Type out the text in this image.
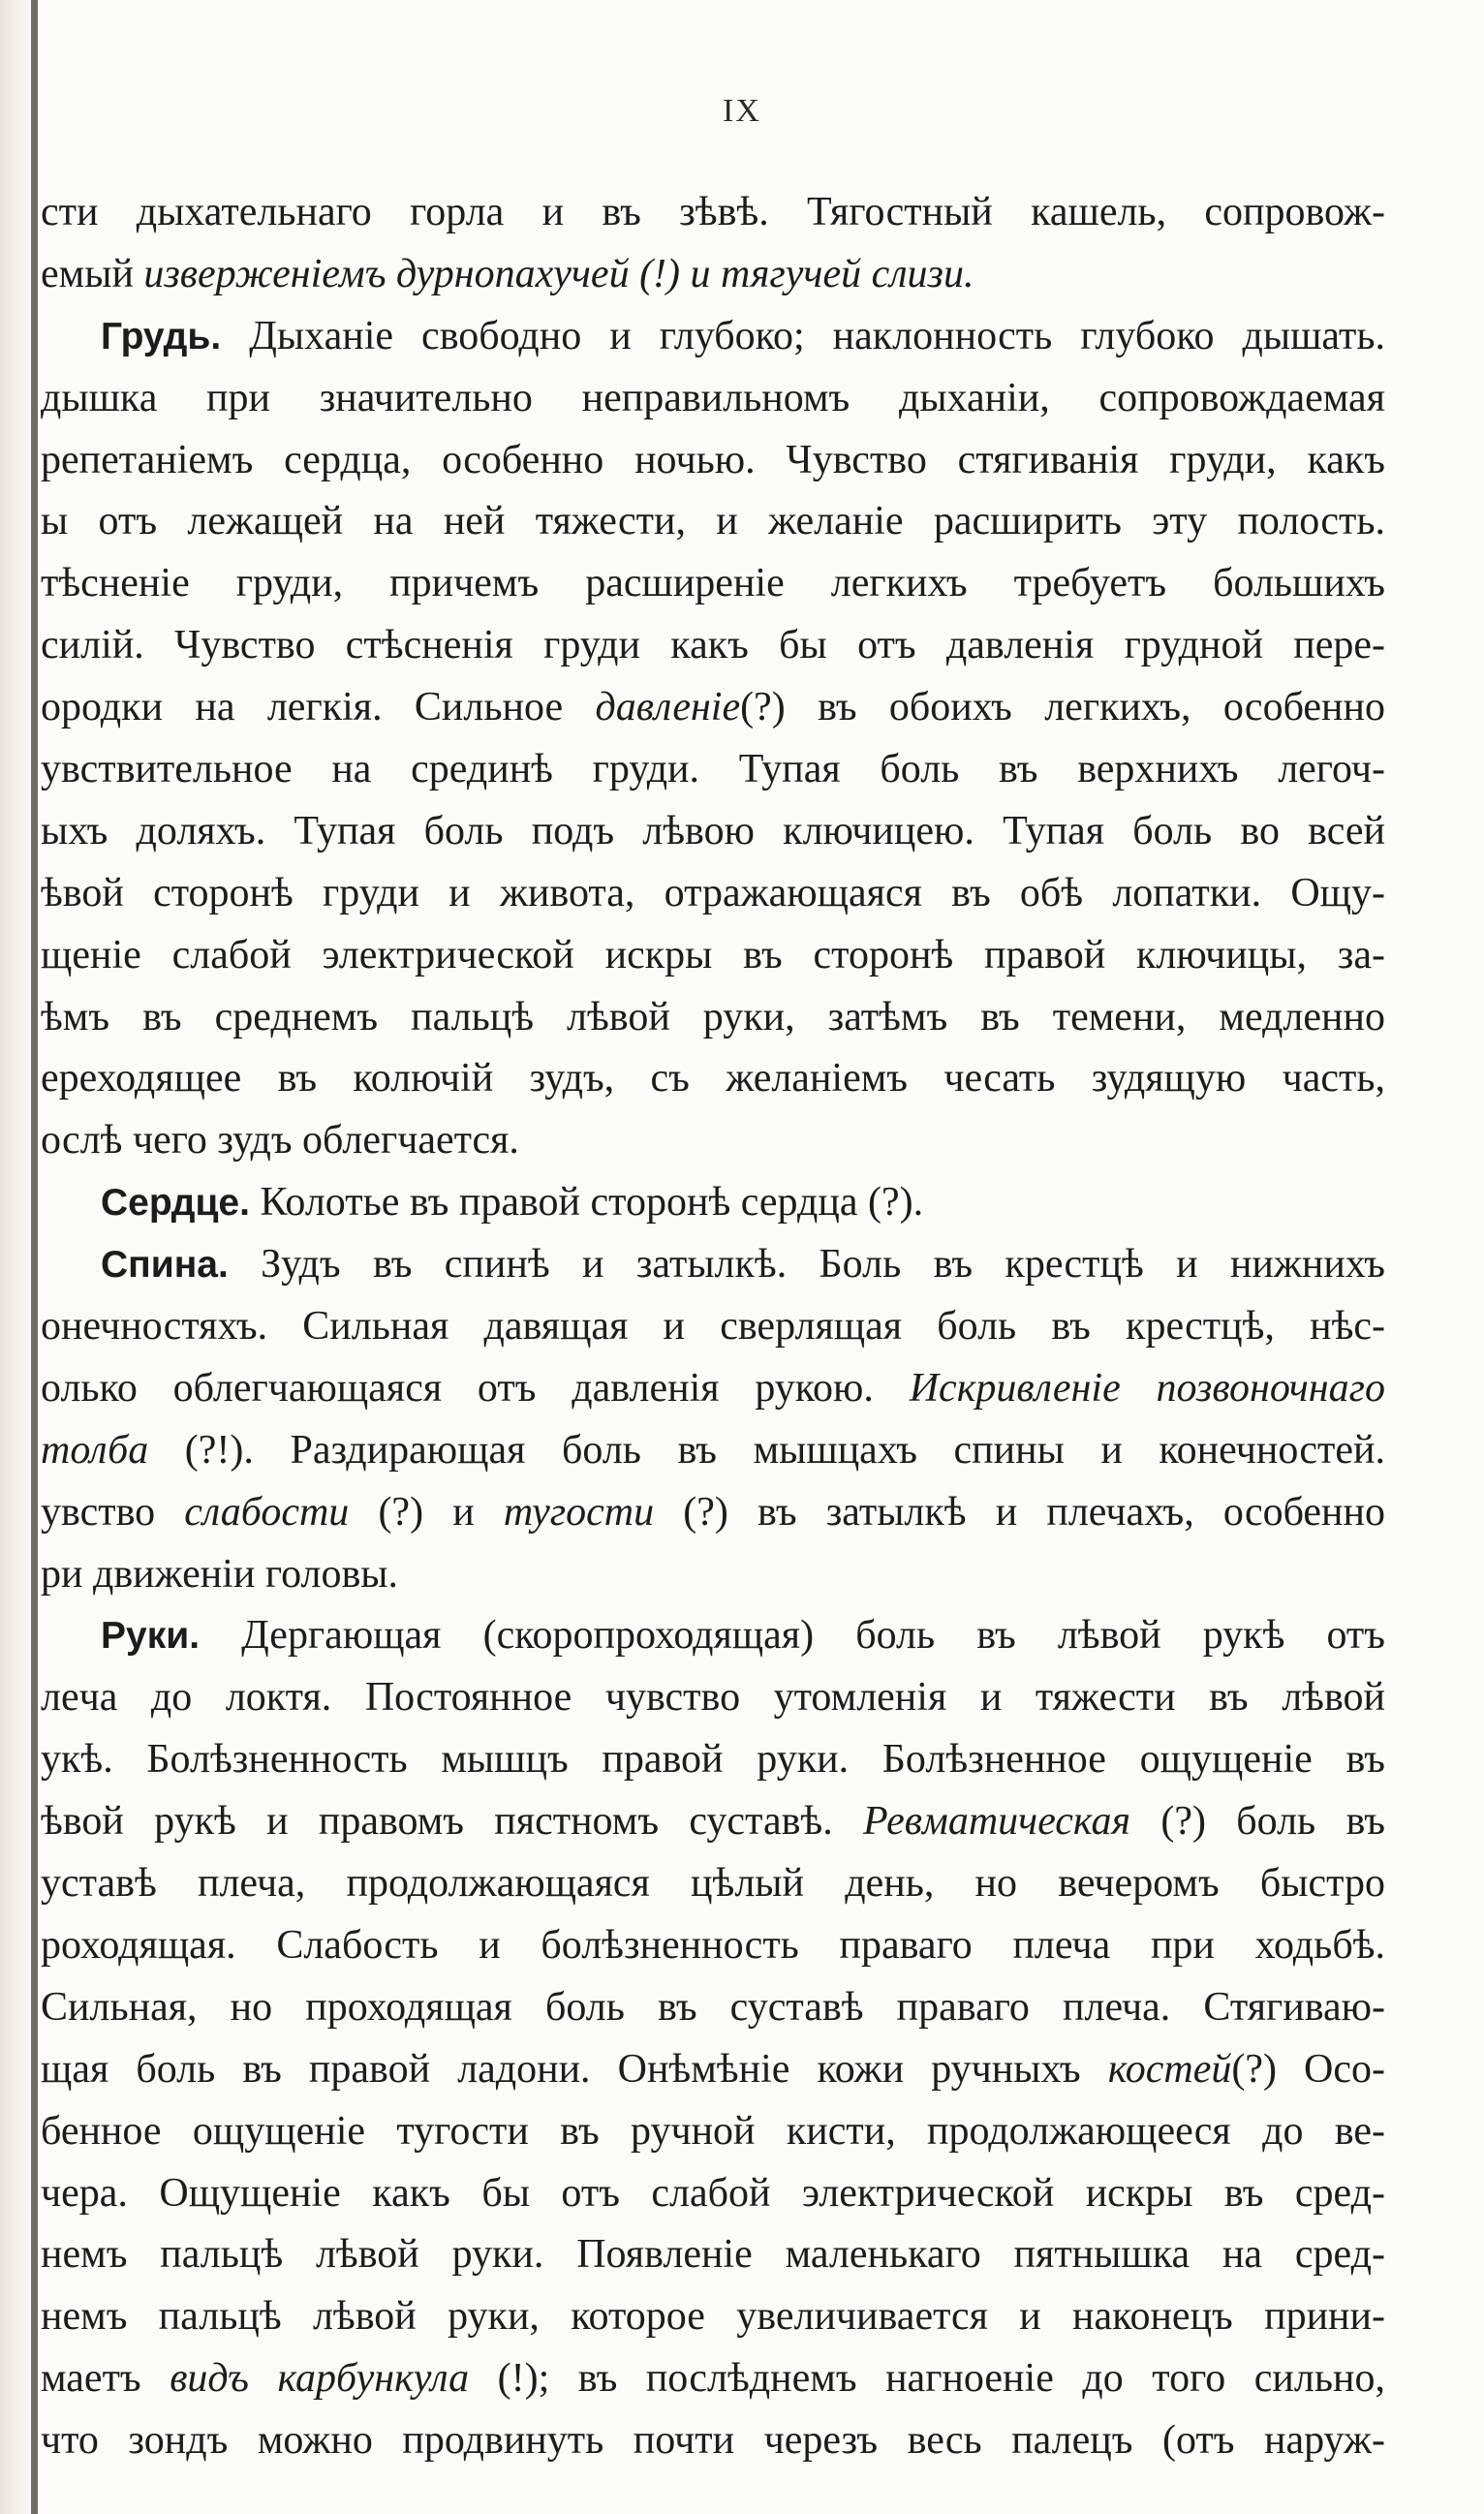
IX
сти дыхательнаго горла и въ зѣвѣ. Тягостный кашель, сопровож-
емый изверженіемъ дурнопахучей (!) и тягучей слизи.
Грудь. Дыханіе свободно и глубоко; наклонность глубоко дышать.
дышка при значительно неправильномъ дыханіи, сопровождаемая
репетаніемъ сердца, особенно ночью. Чувство стягиванія груди, какъ
ы отъ лежащей на ней тяжести, и желаніе расширить эту полость.
тѣсненіе груди, причемъ расширеніе легкихъ требуетъ большихъ
силій. Чувство стѣсненія груди какъ бы отъ давленія грудной пере-
ородки на легкія. Сильное давленіе(?) въ обоихъ легкихъ, особенно
увствительное на срединѣ груди. Тупая боль въ верхнихъ легоч-
ыхъ доляхъ. Тупая боль подъ лѣвою ключицею. Тупая боль во всей
ѣвой сторонѣ груди и живота, отражающаяся въ обѣ лопатки. Ощу-
щеніе слабой электрической искры въ сторонѣ правой ключицы, за-
ѣмъ въ среднемъ пальцѣ лѣвой руки, затѣмъ въ темени, медленно
ереходящее въ колючій зудъ, съ желаніемъ чесать зудящую часть,
ослѣ чего зудъ облегчается.
Сердце. Колотье въ правой сторонѣ сердца (?).
Спина. Зудъ въ спинѣ и затылкѣ. Боль въ крестцѣ и нижнихъ
онечностяхъ. Сильная давящая и сверлящая боль въ крестцѣ, нѣс-
олько облегчающаяся отъ давленія рукою. Искривленіе позвоночнаго
толба (?!). Раздирающая боль въ мышцахъ спины и конечностей.
увство слабости (?) и тугости (?) въ затылкѣ и плечахъ, особенно
ри движеніи головы.
Руки. Дергающая (скоропроходящая) боль въ лѣвой рукѣ отъ
лeча до локтя. Постоянное чувство утомленія и тяжести въ лѣвой
укѣ. Болѣзненность мышцъ правой руки. Болѣзненное ощущеніе въ
ѣвой рукѣ и правомъ пястномъ суставѣ. Ревматическая (?) боль въ
уставѣ плеча, продолжающаяся цѣлый день, но вечеромъ быстро
роходящая. Слабость и болѣзненность праваго плеча при ходьбѣ.
Сильная, но проходящая боль въ суставѣ праваго плеча. Стягиваю-
щая боль въ правой ладони. Онѣмѣніе кожи ручныхъ костей(?) Осо-
бенное ощущеніе тугости въ ручной кисти, продолжающееся до ве-
чера. Ощущеніе какъ бы отъ слабой электрической искры въ сред-
немъ пальцѣ лѣвой руки. Появленіе маленькаго пятнышка на сред-
немъ пальцѣ лѣвой руки, которое увеличивается и наконецъ прини-
маетъ видъ карбункула (!); въ послѣднемъ нагноеніе до того сильно,
что зондъ можно продвинуть почти черезъ весь палецъ (отъ наруж-
